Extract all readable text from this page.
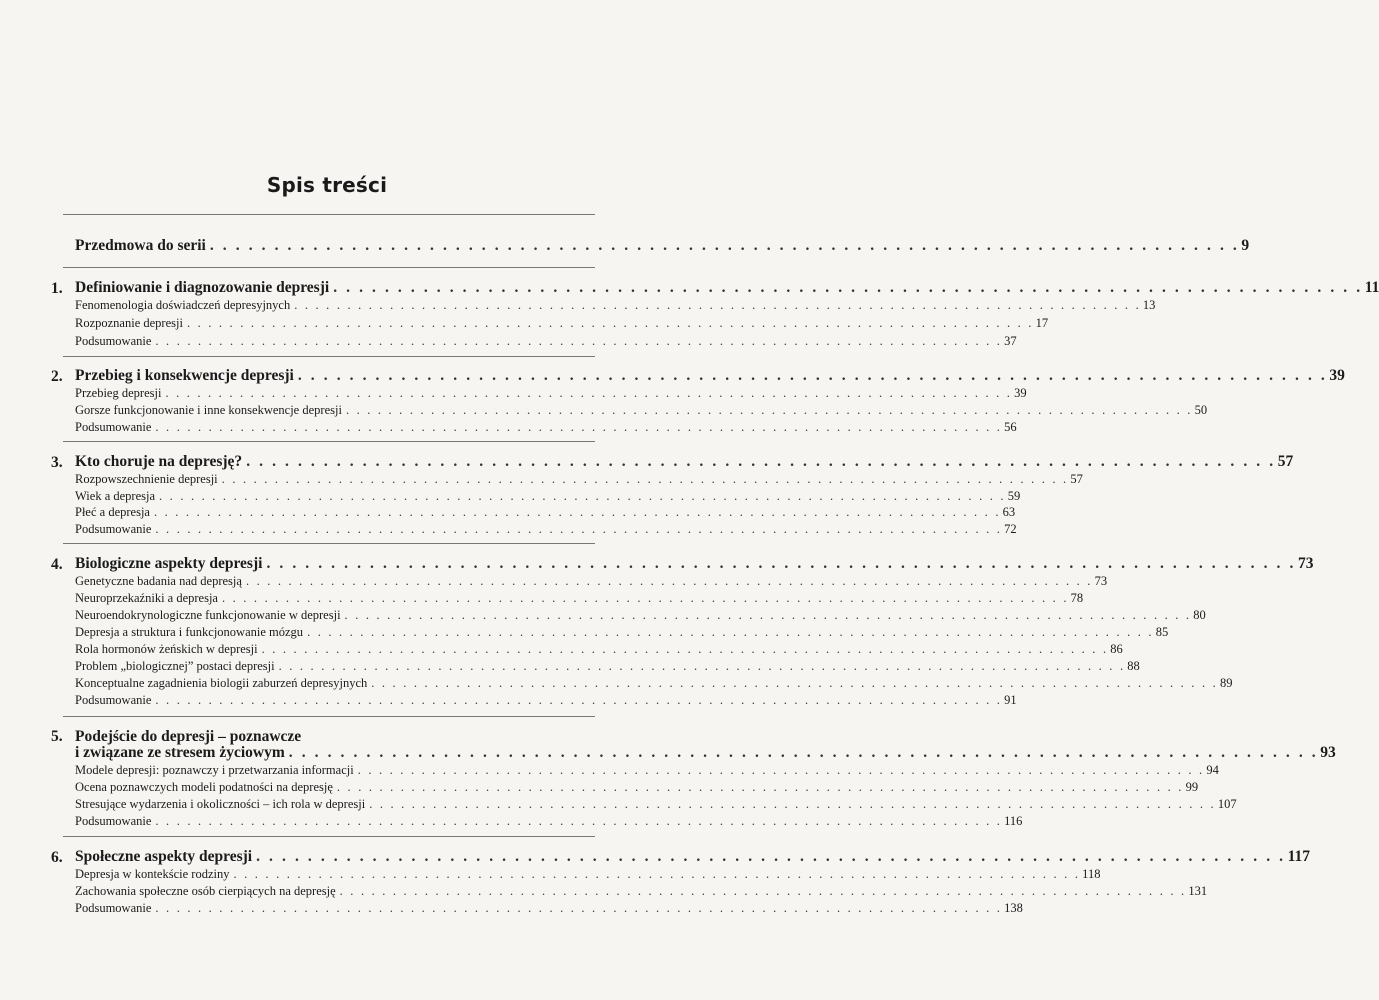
Spis treści
Przedmowa do serii . . . . . . . . . . . . . . . . . . . . . . . . . . . . . . . . . . . . . . . . . . . . . . . . . . . . . . . . . . . . . . . . . . . . . . . . . . . . . . . . 9
1. Definiowanie i diagnozowanie depresji . . . . . . . . . . . . . . . . . . . . . . . . . . . . . . . . . . . . . . . . . . . . . . . . . . . . . . . . . . . . . . . . . . . . . . . . . . . . . . . . 11
Fenomenologia doświadczeń depresyjnych . . . . . . . . . . . . . . . . . . . . . . . . . . . . . . . . . . . . . . . . . . . . . . . . . . . . . . . . . . . . . . . . . . . . . . . . . . . . . . . . 13
Rozpoznanie depresji . . . . . . . . . . . . . . . . . . . . . . . . . . . . . . . . . . . . . . . . . . . . . . . . . . . . . . . . . . . . . . . . . . . . . . . . . . . . . . . . 17
Podsumowanie . . . . . . . . . . . . . . . . . . . . . . . . . . . . . . . . . . . . . . . . . . . . . . . . . . . . . . . . . . . . . . . . . . . . . . . . . . . . . . . . 37
2. Przebieg i konsekwencje depresji . . . . . . . . . . . . . . . . . . . . . . . . . . . . . . . . . . . . . . . . . . . . . . . . . . . . . . . . . . . . . . . . . . . . . . . . . . . . . . . . 39
Przebieg depresji . . . . . . . . . . . . . . . . . . . . . . . . . . . . . . . . . . . . . . . . . . . . . . . . . . . . . . . . . . . . . . . . . . . . . . . . . . . . . . . . 39
Gorsze funkcjonowanie i inne konsekwencje depresji . . . . . . . . . . . . . . . . . . . . . . . . . . . . . . . . . . . . . . . . . . . . . . . . . . . . . . . . . . . . . . . . . . . . . . . . . . . . . . . . 50
Podsumowanie . . . . . . . . . . . . . . . . . . . . . . . . . . . . . . . . . . . . . . . . . . . . . . . . . . . . . . . . . . . . . . . . . . . . . . . . . . . . . . . . 56
3. Kto choruje na depresję? . . . . . . . . . . . . . . . . . . . . . . . . . . . . . . . . . . . . . . . . . . . . . . . . . . . . . . . . . . . . . . . . . . . . . . . . . . . . . . . . 57
Rozpowszechnienie depresji . . . . . . . . . . . . . . . . . . . . . . . . . . . . . . . . . . . . . . . . . . . . . . . . . . . . . . . . . . . . . . . . . . . . . . . . . . . . . . . . 57
Wiek a depresja . . . . . . . . . . . . . . . . . . . . . . . . . . . . . . . . . . . . . . . . . . . . . . . . . . . . . . . . . . . . . . . . . . . . . . . . . . . . . . . . 59
Płeć a depresja . . . . . . . . . . . . . . . . . . . . . . . . . . . . . . . . . . . . . . . . . . . . . . . . . . . . . . . . . . . . . . . . . . . . . . . . . . . . . . . . 63
Podsumowanie . . . . . . . . . . . . . . . . . . . . . . . . . . . . . . . . . . . . . . . . . . . . . . . . . . . . . . . . . . . . . . . . . . . . . . . . . . . . . . . . 72
4. Biologiczne aspekty depresji . . . . . . . . . . . . . . . . . . . . . . . . . . . . . . . . . . . . . . . . . . . . . . . . . . . . . . . . . . . . . . . . . . . . . . . . . . . . . . . . 73
Genetyczne badania nad depresją . . . . . . . . . . . . . . . . . . . . . . . . . . . . . . . . . . . . . . . . . . . . . . . . . . . . . . . . . . . . . . . . . . . . . . . . . . . . . . . . 73
Neuroprzekaźniki a depresja . . . . . . . . . . . . . . . . . . . . . . . . . . . . . . . . . . . . . . . . . . . . . . . . . . . . . . . . . . . . . . . . . . . . . . . . . . . . . . . . 78
Neuroendokrynologiczne funkcjonowanie w depresji . . . . . . . . . . . . . . . . . . . . . . . . . . . . . . . . . . . . . . . . . . . . . . . . . . . . . . . . . . . . . . . . . . . . . . . . . . . . . . . . 80
Depresja a struktura i funkcjonowanie mózgu . . . . . . . . . . . . . . . . . . . . . . . . . . . . . . . . . . . . . . . . . . . . . . . . . . . . . . . . . . . . . . . . . . . . . . . . . . . . . . . . 85
Rola hormonów żeńskich w depresji . . . . . . . . . . . . . . . . . . . . . . . . . . . . . . . . . . . . . . . . . . . . . . . . . . . . . . . . . . . . . . . . . . . . . . . . . . . . . . . . 86
Problem „biologicznej” postaci depresji . . . . . . . . . . . . . . . . . . . . . . . . . . . . . . . . . . . . . . . . . . . . . . . . . . . . . . . . . . . . . . . . . . . . . . . . . . . . . . . . 88
Konceptualne zagadnienia biologii zaburzeń depresyjnych . . . . . . . . . . . . . . . . . . . . . . . . . . . . . . . . . . . . . . . . . . . . . . . . . . . . . . . . . . . . . . . . . . . . . . . . . . . . . . . . 89
Podsumowanie . . . . . . . . . . . . . . . . . . . . . . . . . . . . . . . . . . . . . . . . . . . . . . . . . . . . . . . . . . . . . . . . . . . . . . . . . . . . . . . . 91
5. Podejście do depresji – poznawcze
i związane ze stresem życiowym . . . . . . . . . . . . . . . . . . . . . . . . . . . . . . . . . . . . . . . . . . . . . . . . . . . . . . . . . . . . . . . . . . . . . . . . . . . . . . . . 93
Modele depresji: poznawczy i przetwarzania informacji . . . . . . . . . . . . . . . . . . . . . . . . . . . . . . . . . . . . . . . . . . . . . . . . . . . . . . . . . . . . . . . . . . . . . . . . . . . . . . . . 94
Ocena poznawczych modeli podatności na depresję . . . . . . . . . . . . . . . . . . . . . . . . . . . . . . . . . . . . . . . . . . . . . . . . . . . . . . . . . . . . . . . . . . . . . . . . . . . . . . . . 99
Stresujące wydarzenia i okoliczności – ich rola w depresji . . . . . . . . . . . . . . . . . . . . . . . . . . . . . . . . . . . . . . . . . . . . . . . . . . . . . . . . . . . . . . . . . . . . . . . . . . . . . . . . 107
Podsumowanie . . . . . . . . . . . . . . . . . . . . . . . . . . . . . . . . . . . . . . . . . . . . . . . . . . . . . . . . . . . . . . . . . . . . . . . . . . . . . . . . 116
6. Społeczne aspekty depresji . . . . . . . . . . . . . . . . . . . . . . . . . . . . . . . . . . . . . . . . . . . . . . . . . . . . . . . . . . . . . . . . . . . . . . . . . . . . . . . . 117
Depresja w kontekście rodziny . . . . . . . . . . . . . . . . . . . . . . . . . . . . . . . . . . . . . . . . . . . . . . . . . . . . . . . . . . . . . . . . . . . . . . . . . . . . . . . . 118
Zachowania społeczne osób cierpiących na depresję . . . . . . . . . . . . . . . . . . . . . . . . . . . . . . . . . . . . . . . . . . . . . . . . . . . . . . . . . . . . . . . . . . . . . . . . . . . . . . . . 131
Podsumowanie . . . . . . . . . . . . . . . . . . . . . . . . . . . . . . . . . . . . . . . . . . . . . . . . . . . . . . . . . . . . . . . . . . . . . . . . . . . . . . . . 138
